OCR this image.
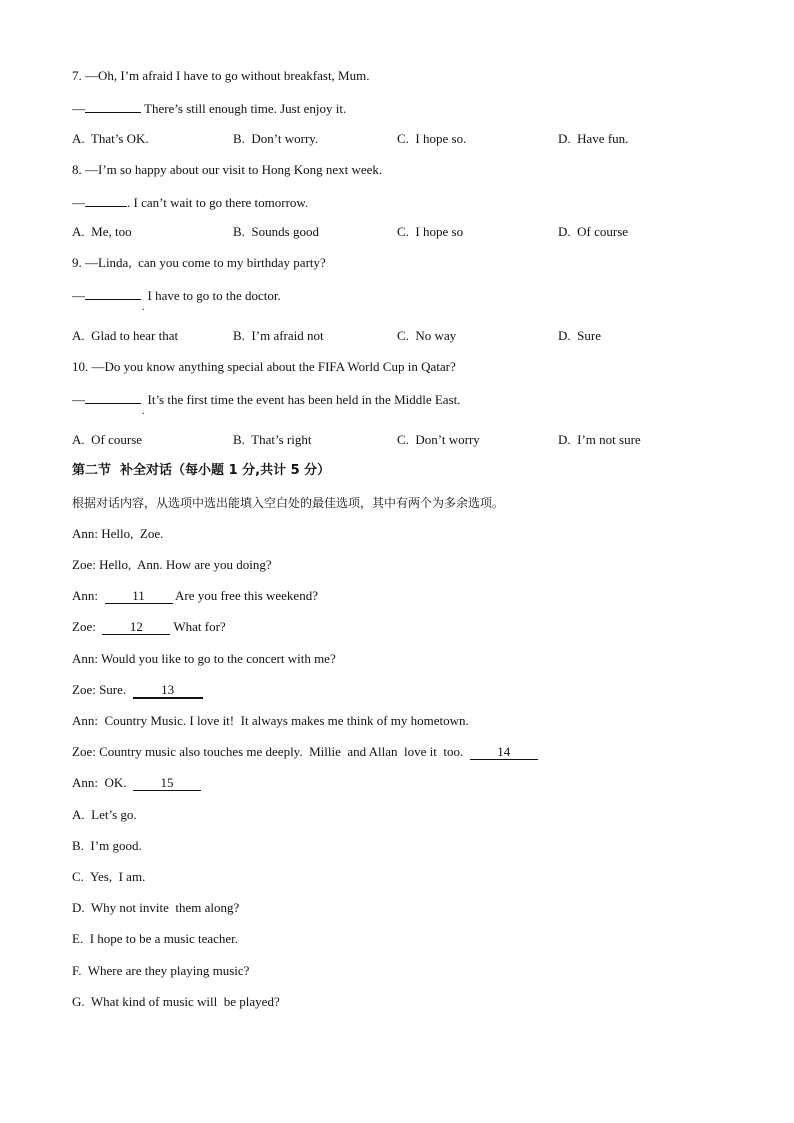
7. —Oh, I’m afraid I have to go without breakfast, Mum.
—	There’s still enough time. Just enjoy it.
A.  That’s OK.	B.  Don’t worry.	C.  I hope so.	D.  Have fun.
8. —I’m so happy about our visit to Hong Kong next week.
—	. I can’t wait to go there tomorrow.
A.  Me, too	B.  Sounds good	C.  I hope so	D.  Of course
9. —Linda,  can you come to my birthday party?
—	I have to go to the doctor.
.
A.  Glad to hear that	B.  I’m afraid not	C.  No way	D.  Sure
10. —Do you know anything special about the FIFA World Cup in Qatar?
—	It’s the first time the event has been held in the Middle East.
.
A.  Of course	B.  That’s right	C.  Don’t worry	D.  I’m not sure
第二节  补全对话（每小题 1 分,共计 5 分）
根据对话内容，从选项中选出能填入空白处的最佳选项，其中有两个为多余选项。
Ann: Hello,  Zoe.
Zoe: Hello,  Ann. How are you doing?
Ann:	11 Are you free this weekend?
Zoe:	12 What for?
Ann: Would you like to go to the concert with me?
Zoe: Sure.  13
Ann:  Country Music. I love it!  It always makes me think of my hometown.
Zoe: Country music also touches me deeply.  Millie  and Allan  love it  too.  14
Ann:  OK.  15
A.  Let’s go.
B.  I’m good.
C.  Yes,  I am.
D.  Why not invite  them along?
E.  I hope to be a music teacher.
F.  Where are they playing music?
G.  What kind of music will  be played?
